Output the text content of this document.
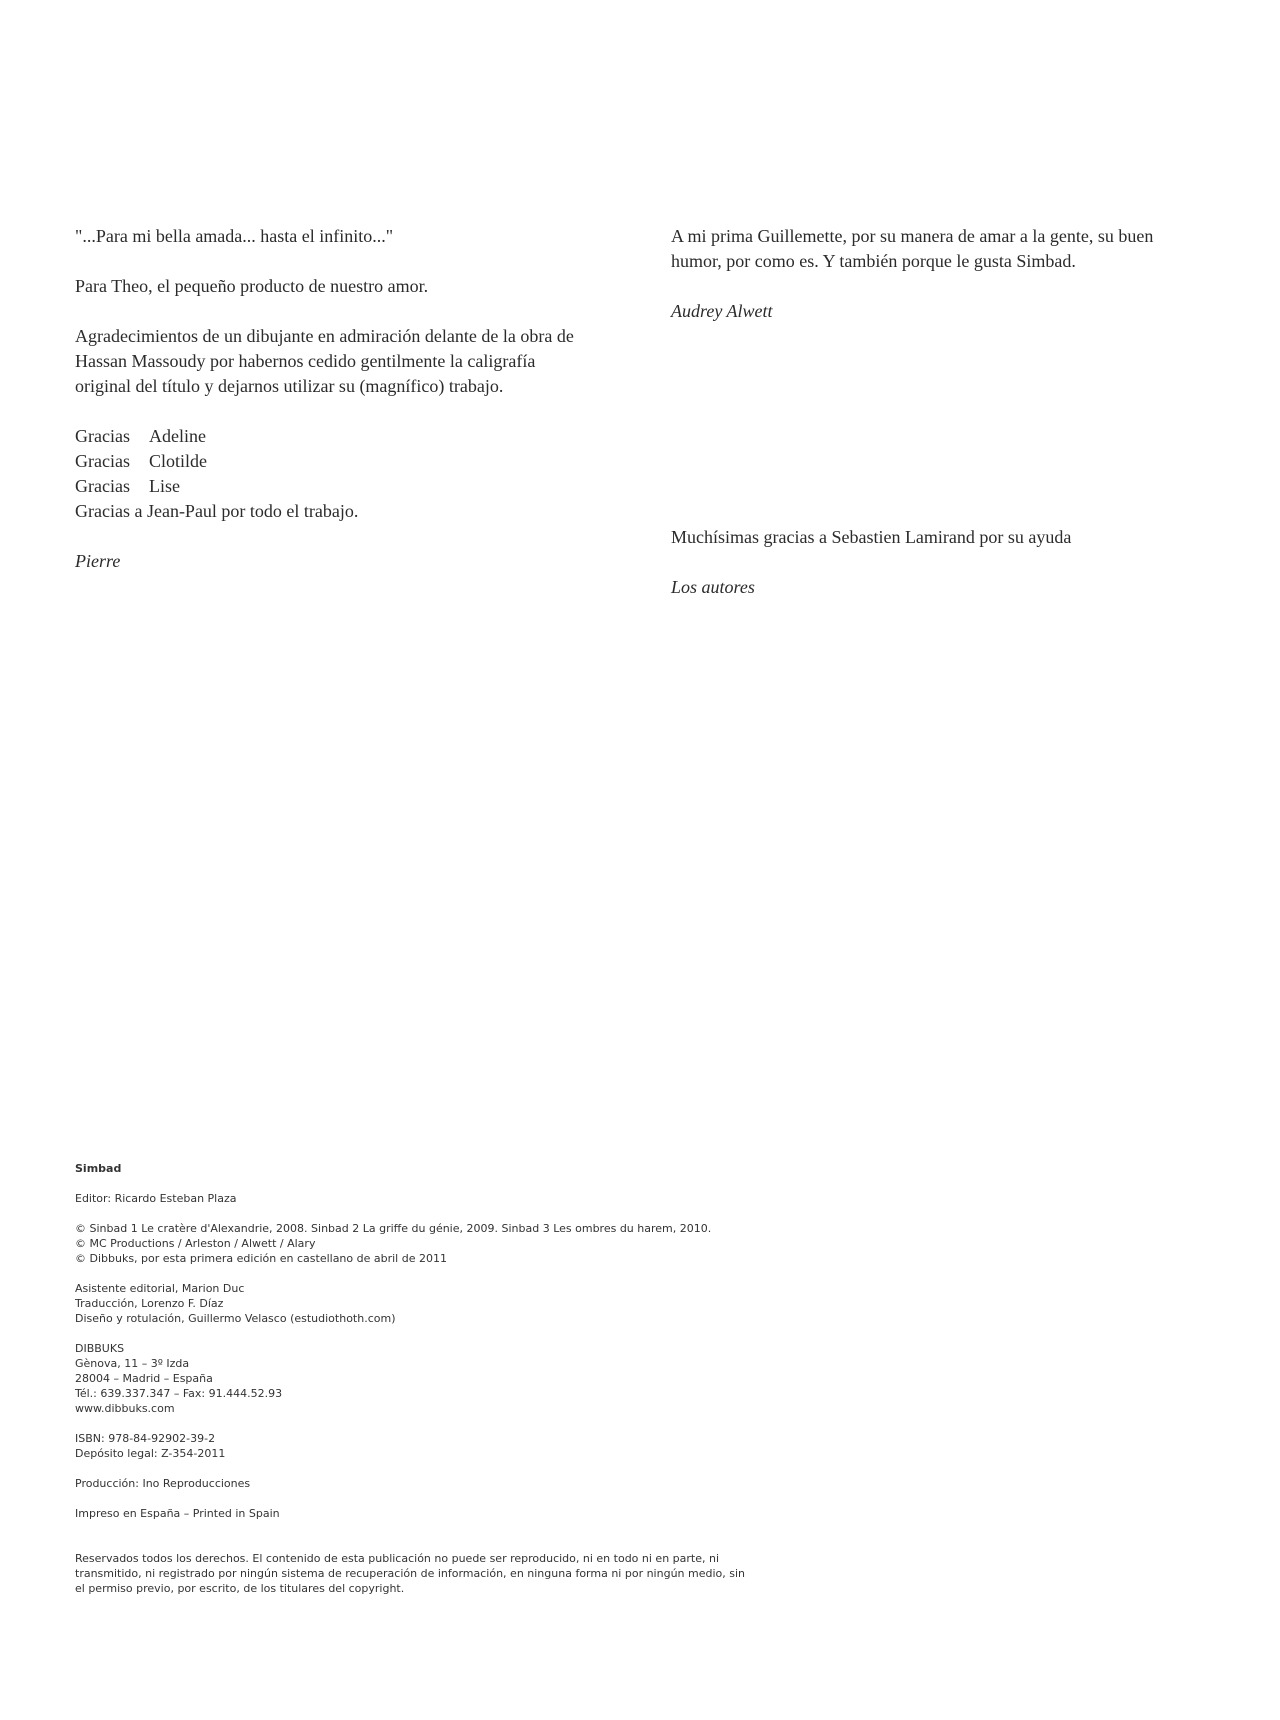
"...Para mi bella amada... hasta el infinito..."

Para Theo, el pequeño producto de nuestro amor.

Agradecimientos de un dibujante en admiración delante de la obra de Hassan Massoudy por habernos cedido gentilmente la caligrafía original del título y dejarnos utilizar su (magnífico) trabajo.

Gracias Adeline
Gracias Clotilde
Gracias Lise
Gracias a Jean-Paul por todo el trabajo.

Pierre

A mi prima Guillemette, por su manera de amar a la gente, su buen humor, por como es. Y también porque le gusta Simbad.

Audrey Alwett

Muchísimas gracias a Sebastien Lamirand por su ayuda
Los autores
Simbad
Editor: Ricardo Esteban Plaza
© Sinbad 1 Le cratère d'Alexandrie, 2008. Sinbad 2 La griffe du génie, 2009. Sinbad 3 Les ombres du harem, 2010.
© MC Productions / Arleston / Alwett / Alary
© Dibbuks, por esta primera edición en castellano de abril de 2011
Asistente editorial, Marion Duc
Traducción, Lorenzo F. Díaz
Diseño y rotulación, Guillermo Velasco (estudiothoth.com)
DIBBUKS
Gènova, 11 – 3º Izda
28004 – Madrid – España
Tél.: 639.337.347 – Fax: 91.444.52.93
www.dibbuks.com
ISBN: 978-84-92902-39-2
Depósito legal: Z-354-2011
Producción: Ino Reproducciones
Impreso en España – Printed in Spain
Reservados todos los derechos. El contenido de esta publicación no puede ser reproducido, ni en todo ni en parte, ni transmitido, ni registrado por ningún sistema de recuperación de información, en ninguna forma ni por ningún medio, sin el permiso previo, por escrito, de los titulares del copyright.
